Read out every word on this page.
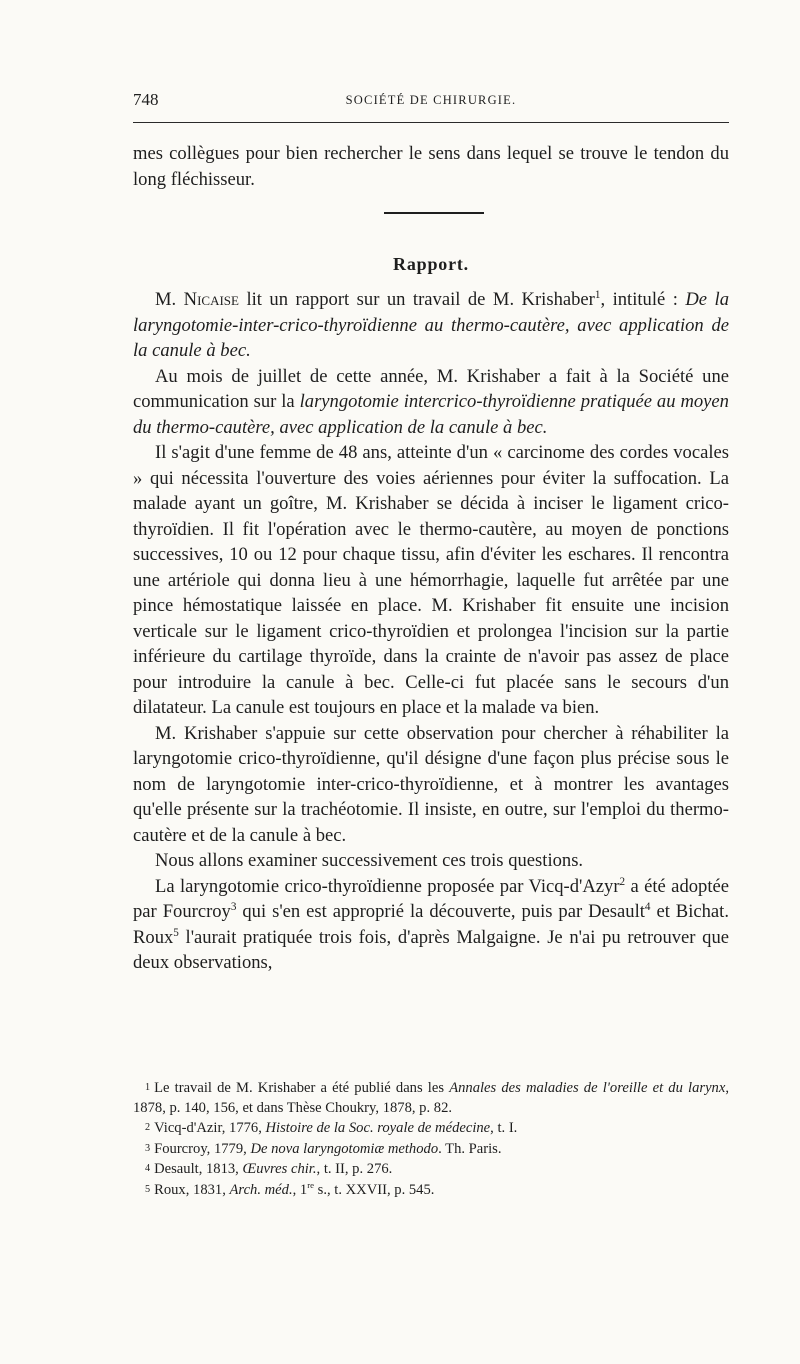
748	SOCIÉTÉ DE CHIRURGIE.

mes collègues pour bien rechercher le sens dans lequel se trouve le tendon du long fléchisseur.

Rapport.

M. Nicaise lit un rapport sur un travail de M. Krishaber$^1$, intitulé : De la laryngotomie-inter-crico-thyroïdienne au thermo-cautère, avec application de la canule à bec.

Au mois de juillet de cette année, M. Krishaber a fait à la Société une communication sur la laryngotomie intercrico-thyroïdienne pratiquée au moyen du thermo-cautère, avec application de la canule à bec.

Il s'agit d'une femme de 48 ans, atteinte d'un « carcinome des cordes vocales » qui nécessita l'ouverture des voies aériennes pour éviter la suffocation. La malade ayant un goître, M. Krishaber se décida à inciser le ligament crico-thyroïdien. Il fit l'opération avec le thermo-cautère, au moyen de ponctions successives, 10 ou 12 pour chaque tissu, afin d'éviter les eschares. Il rencontra une artériole qui donna lieu à une hémorrhagie, laquelle fut arrêtée par une pince hémostatique laissée en place. M. Krishaber fit ensuite une incision verticale sur le ligament crico-thyroïdien et prolongea l'incision sur la partie inférieure du cartilage thyroïde, dans la crainte de n'avoir pas assez de place pour introduire la canule à bec. Celle-ci fut placée sans le secours d'un dilatateur. La canule est toujours en place et la malade va bien.

M. Krishaber s'appuie sur cette observation pour chercher à réhabiliter la laryngotomie crico-thyroïdienne, qu'il désigne d'une façon plus précise sous le nom de laryngotomie inter-crico-thyroïdienne, et à montrer les avantages qu'elle présente sur la trachéotomie. Il insiste, en outre, sur l'emploi du thermo-cautère et de la canule à bec.

Nous allons examiner successivement ces trois questions.

La laryngotomie crico-thyroïdienne proposée par Vicq-d'Azyr$^2$ a été adoptée par Fourcroy$^3$ qui s'en est approprié la découverte, puis par Desault$^4$ et Bichat. Roux$^5$ l'aurait pratiquée trois fois, d'après Malgaigne. Je n'ai pu retrouver que deux observations,

1 Le travail de M. Krishaber a été publié dans les Annales des maladies de l'oreille et du larynx, 1878, p. 140, 156, et dans Thèse Choukry, 1878, p. 82.

2 Vicq-d'Azir, 1776, Histoire de la Soc. royale de médecine, t. I.

3 Fourcroy, 1779, De nova laryngotomiæ methodo. Th. Paris.

4 Desault, 1813, Œuvres chir., t. II, p. 276.

5 Roux, 1831, Arch. méd., 1re s., t. XXVII, p. 545.
